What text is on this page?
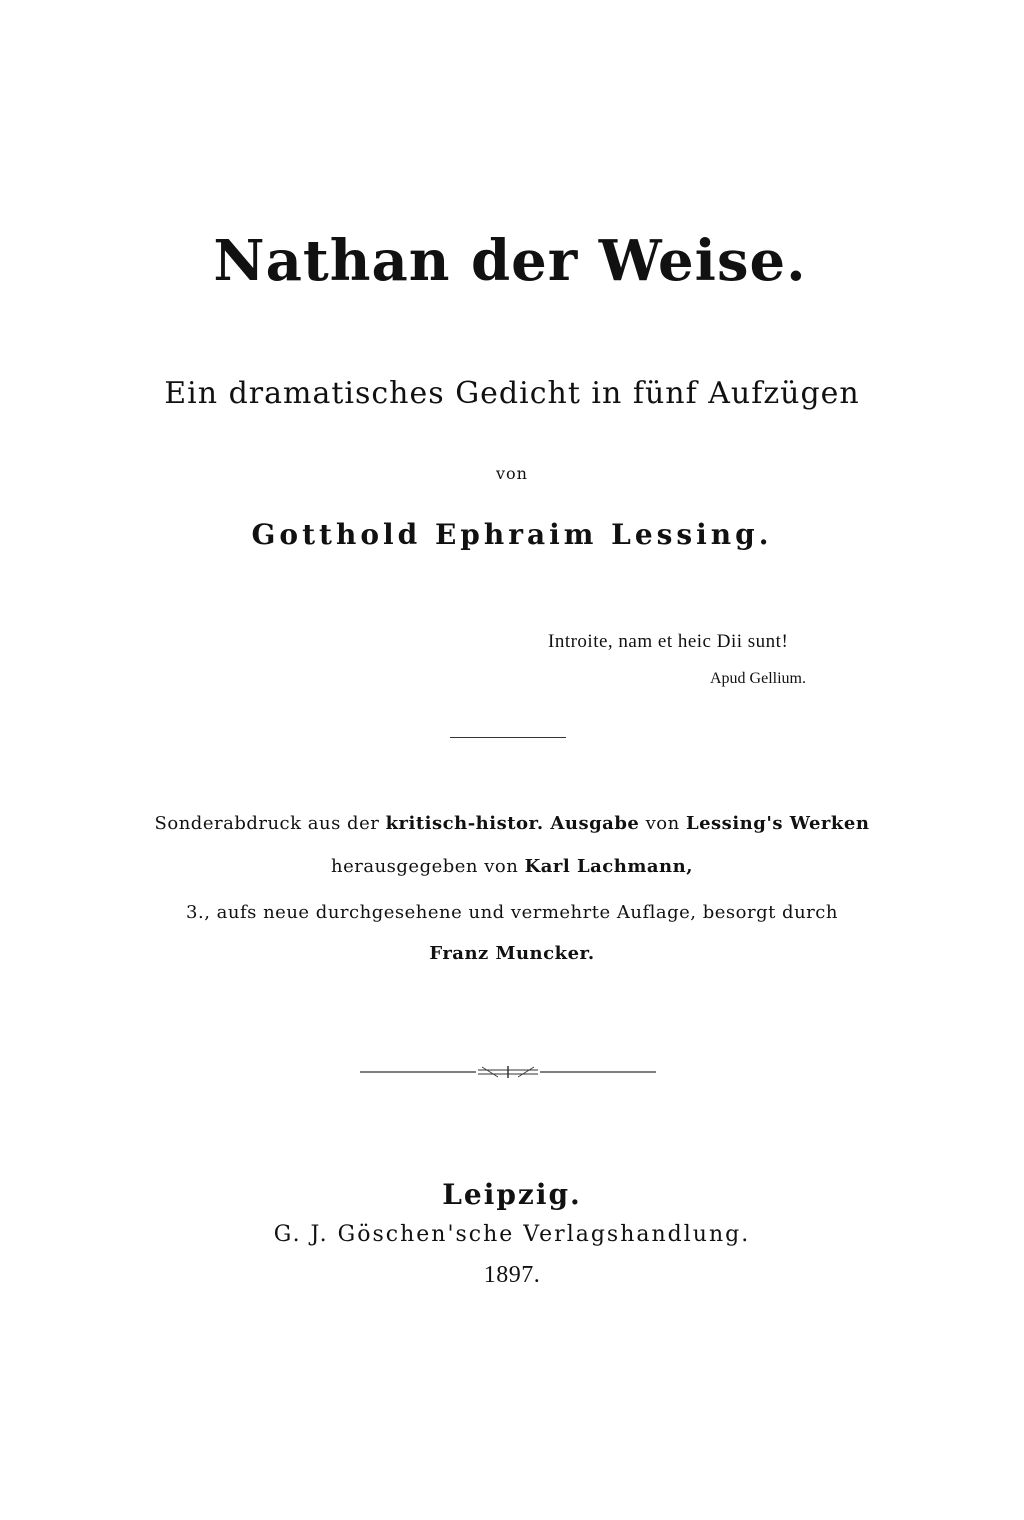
Nathan der Weise.
Ein dramatisches Gedicht in fünf Aufzügen
von
Gotthold Ephraim Lessing.
Introite, nam et heic Dii sunt!
Apud Gellium.
Sonderabdruck aus der kritisch-histor. Ausgabe von Lessing's Werken
herausgegeben von Karl Lachmann,
3., aufs neue durchgesehene und vermehrte Auflage, besorgt durch
Franz Muncker.
Leipzig.
G. J. Göschen'sche Verlagshandlung.
1897.
